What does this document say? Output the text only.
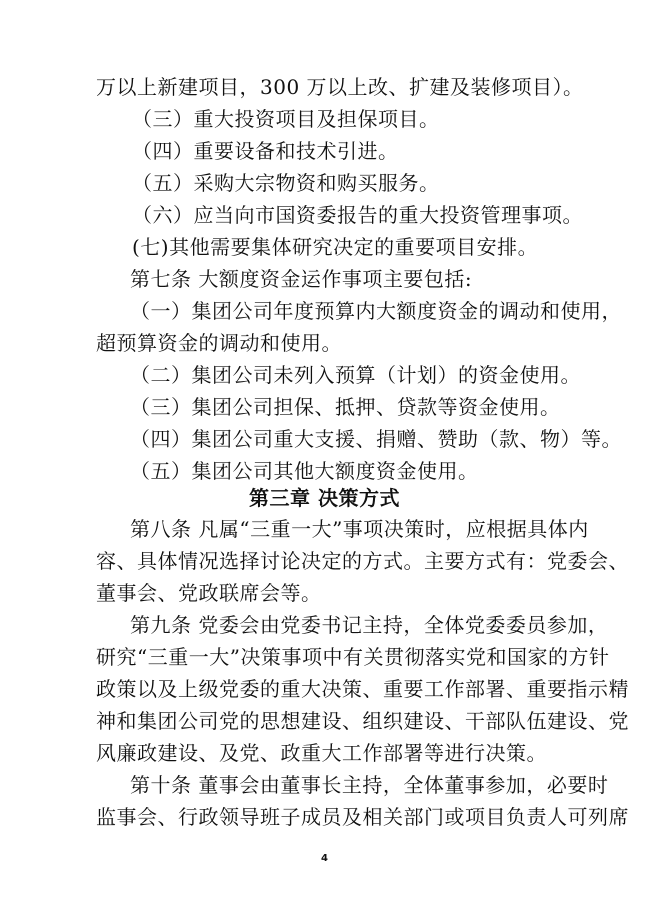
万以上新建项目，300 万以上改、扩建及装修项目）。
（三）重大投资项目及担保项目。
（四）重要设备和技术引进。
（五）采购大宗物资和购买服务。
（六）应当向市国资委报告的重大投资管理事项。
(七)其他需要集体研究决定的重要项目安排。
第七条 大额度资金运作事项主要包括:
（一）集团公司年度预算内大额度资金的调动和使用，
超预算资金的调动和使用。
（二）集团公司未列入预算（计划）的资金使用。
（三）集团公司担保、抵押、贷款等资金使用。
（四）集团公司重大支援、捐赠、赞助（款、物）等。
（五）集团公司其他大额度资金使用。
第三章 决策方式
第八条 凡属“三重一大”事项决策时，应根据具体内
容、具体情况选择讨论决定的方式。主要方式有：党委会、
董事会、党政联席会等。
第九条 党委会由党委书记主持，全体党委委员参加，
研究“三重一大”决策事项中有关贯彻落实党和国家的方针
政策以及上级党委的重大决策、重要工作部署、重要指示精
神和集团公司党的思想建设、组织建设、干部队伍建设、党
风廉政建设、及党、政重大工作部署等进行决策。
第十条 董事会由董事长主持，全体董事参加，必要时
监事会、行政领导班子成员及相关部门或项目负责人可列席
4
